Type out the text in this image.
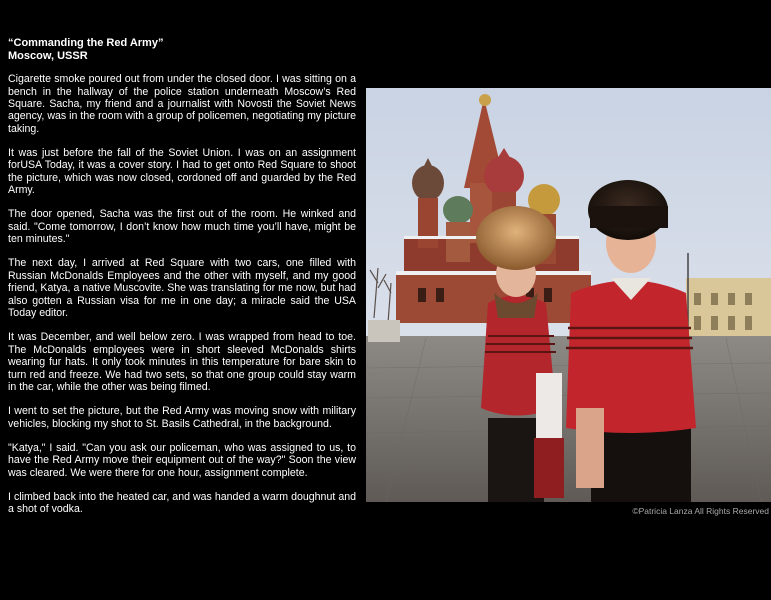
“Commanding the Red Army”
Moscow, USSR

Cigarette smoke poured out from under the closed door. I was sitting on a bench in the hallway of the police station underneath Moscow’s Red Square. Sacha, my friend and a journalist with Novosti the Soviet News agency, was in the room with a group of policemen, negotiating my picture taking.

It was just before the fall of the Soviet Union. I was on an assignment forUSA Today, it was a cover story. I had to get onto Red Square to shoot the picture, which was now closed, cordoned off and guarded by the Red Army.

The door opened, Sacha was the first out of the room. He winked and said. "Come tomorrow, I don’t know how much time you’ll have, might be ten minutes."

The next day, I arrived at Red Square with two cars, one filled with Russian McDonalds Employees and the other with myself, and my good friend, Katya, a native Muscovite. She was translating for me now, but had also gotten a Russian visa for me in one day; a miracle said the USA Today editor.

It was December, and well below zero. I was wrapped from head to toe. The McDonalds employees were in short sleeved McDonalds shirts wearing fur hats. It only took minutes in this temperature for bare skin to turn red and freeze. We had two sets, so that one group could stay warm in the car, while the other was being filmed.

I went to set the picture, but the Red Army was moving snow with military vehicles, blocking my shot to St. Basils Cathedral, in the background.

"Katya," I said. "Can you ask our policeman, who was assigned to us, to have the Red Army move their equipment out of the way?" Soon the view was cleared. We were there for one hour, assignment complete.

I climbed back into the heated car, and was handed a warm doughnut and a shot of vodka.	©Patricia Lanza All Rights Reserved
